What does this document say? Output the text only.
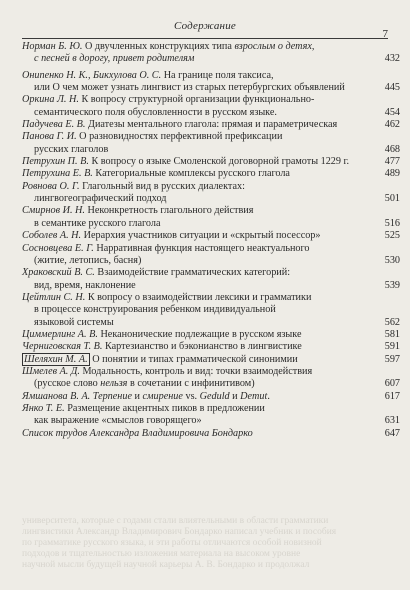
Содержание
7
Норман Б. Ю. О двучленных конструкциях типа взрослым о детях,
с песней в дорогу, привет родителям	432
Онипенко Н. К., Бикхулова О. С. На границе поля таксиса,
или О чем может узнать лингвист из старых петербургских объявлений	445
Оркина Л. Н. К вопросу структурной организации функционально-
семантического поля обусловленности в русском языке.	454
Падучева Е. В. Диатезы ментального глагола: прямая и параметрическая	462
Панова Г. И. О разновидностях перфективной префиксации
русских глаголов	468
Петрухин П. В. К вопросу о языке Смоленской договорной грамоты 1229 г.	477
Петрухина Е. В. Категориальные комплексы русского глагола	489
Ровнова О. Г. Глагольный вид в русских диалектах:
лингвогеографический подход	501
Смирнов И. Н. Неконкретность глагольного действия
в семантике русского глагола	516
Соболев А. Н. Иерархия участников ситуации и «скрытый посессор»	525
Сосновцева Е. Г. Нарративная функция настоящего неактуального
(житие, летопись, басня)	530
Храковский В. С. Взаимодействие грамматических категорий:
вид, время, наклонение	539
Цейтлин С. Н. К вопросу о взаимодействии лексики и грамматики
в процессе конструирования ребенком индивидуальной
языковой системы	562
Циммерлинг А. В. Неканонические подлежащие в русском языке	581
Черниговская Т. В. Картезианство и бэконианство в лингвистике	591
Шеляхин М. А. О понятии и типах грамматической синонимии	597
Шмелев А. Д. Модальность, контроль и вид: точки взаимодействия
(русское слово нельзя в сочетании с инфинитивом)	607
Ямшанова В. А. Терпение и смирение vs. Geduld и Demut.	617
Янко Т. Е. Размещение акцентных пиков в предложении
как выражение «смыслов говорящего»	631
Список трудов Александра Владимировича Бондарко	647
университета, которые с годами стали влиятельными в области грамматики
лингвистики Александр Владимирович Бондарко написал учебник и пособия
по грамматике русского языка, и эти работы отличаются особой новизной
подходов и тщательностью изложения материала на высоком уровне
научной мысли будущей научной карьеры А. В. Бондарко и продолжал
